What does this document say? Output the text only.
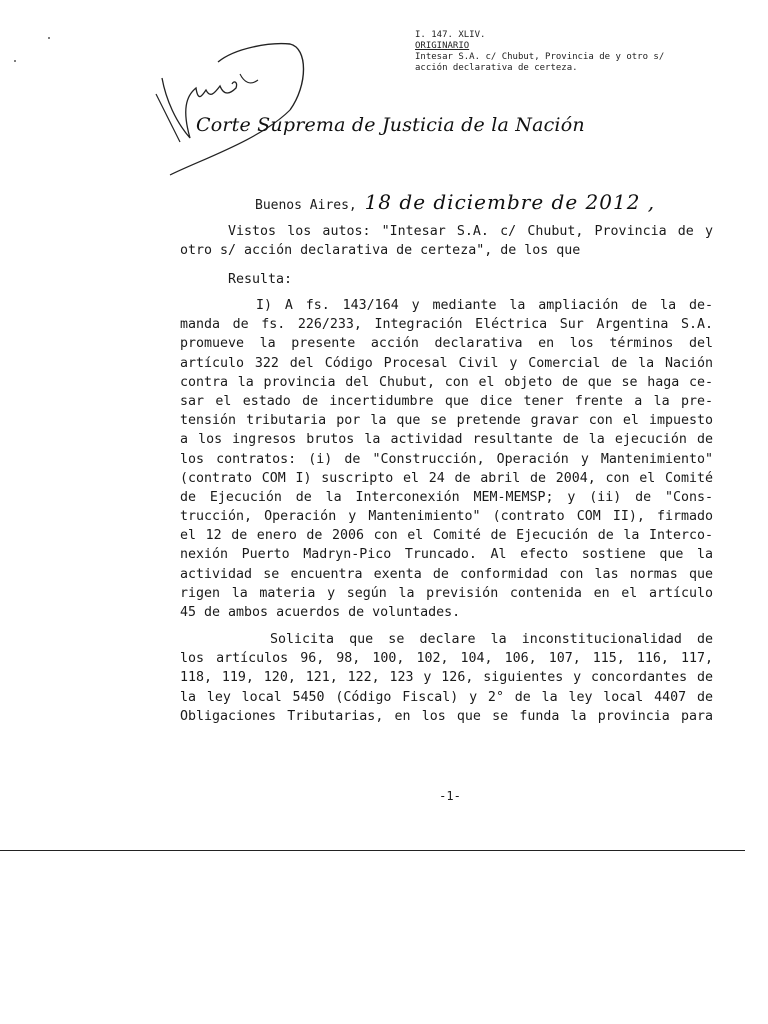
I. 147. XLIV.
ORIGINARIO
Intesar S.A. c/ Chubut, Provincia de y otro s/
acción declarativa de certeza.
Corte Suprema de Justicia de la Nación
Buenos Aires, 18 de diciembre de 2012 ,
Vistos los autos: "Intesar S.A. c/ Chubut, Provincia de y
otro s/ acción declarativa de certeza", de los que
Resulta:
I) A fs. 143/164 y mediante la ampliación de la de-
manda de fs. 226/233, Integración Eléctrica Sur Argentina S.A.
promueve la presente acción declarativa en los términos del
artículo 322 del Código Procesal Civil y Comercial de la Nación
contra la provincia del Chubut, con el objeto de que se haga ce-
sar el estado de incertidumbre que dice tener frente a la pre-
tensión tributaria por la que se pretende gravar con el impuesto
a los ingresos brutos la actividad resultante de la ejecución de
los contratos: (i) de "Construcción, Operación y Mantenimiento"
(contrato COM I) suscripto el 24 de abril de 2004, con el Comité
de Ejecución de la Interconexión MEM-MEMSP; y (ii) de "Cons-
trucción, Operación y Mantenimiento" (contrato COM II), firmado
el 12 de enero de 2006 con el Comité de Ejecución de la Interco-
nexión Puerto Madryn-Pico Truncado. Al efecto sostiene que la
actividad se encuentra exenta de conformidad con las normas que
rigen la materia y según la previsión contenida en el artículo
45 de ambos acuerdos de voluntades.
Solicita que se declare la inconstitucionalidad de
los artículos 96, 98, 100, 102, 104, 106, 107, 115, 116, 117,
118, 119, 120, 121, 122, 123 y 126, siguientes y concordantes de
la ley local 5450 (Código Fiscal) y 2° de la ley local 4407 de
Obligaciones Tributarias, en los que se funda la provincia para
-1-
